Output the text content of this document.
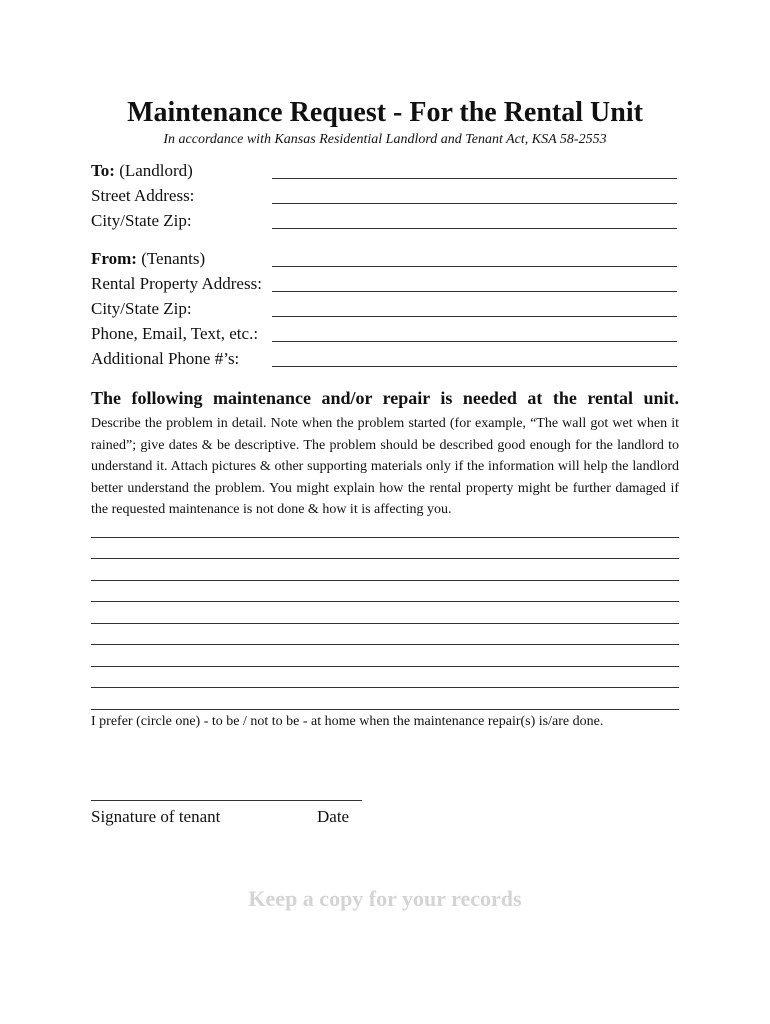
Maintenance Request - For the Rental Unit
In accordance with Kansas Residential Landlord and Tenant Act, KSA 58-2553
To: (Landlord)
Street Address:
City/State Zip:
From: (Tenants)
Rental Property Address:
City/State Zip:
Phone, Email, Text, etc.:
Additional Phone #’s:
The following maintenance and/or repair is needed at the rental unit.
Describe the problem in detail. Note when the problem started (for example, “The wall got wet when it rained”; give dates & be descriptive. The problem should be described good enough for the landlord to understand it. Attach pictures & other supporting materials only if the information will help the landlord better understand the problem. You might explain how the rental property might be further damaged if the requested maintenance is not done & how it is affecting you.
I prefer (circle one) - to be / not to be - at home when the maintenance repair(s) is/are done.
Signature of tenant	Date
Keep a copy for your records
